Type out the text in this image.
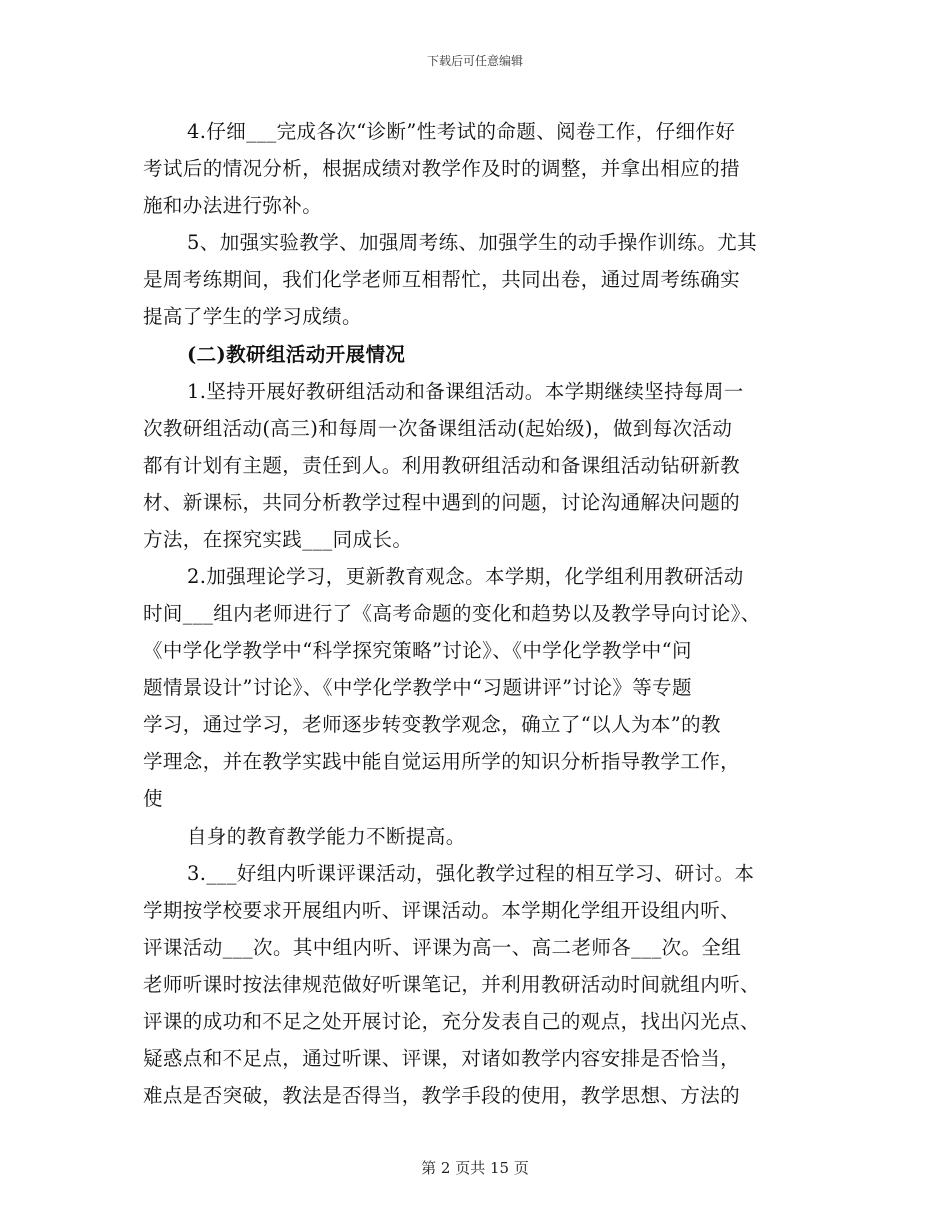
下载后可任意编辑
4.仔细___完成各次“诊断”性考试的命题、阅卷工作，仔细作好
考试后的情况分析，根据成绩对教学作及时的调整，并拿出相应的措
施和办法进行弥补。
5、加强实验教学、加强周考练、加强学生的动手操作训练。尤其
是周考练期间，我们化学老师互相帮忙，共同出卷，通过周考练确实
提高了学生的学习成绩。
(二)教研组活动开展情况
1.坚持开展好教研组活动和备课组活动。本学期继续坚持每周一
次教研组活动(高三)和每周一次备课组活动(起始级)，做到每次活动
都有计划有主题，责任到人。利用教研组活动和备课组活动钻研新教
材、新课标，共同分析教学过程中遇到的问题，讨论沟通解决问题的
方法，在探究实践___同成长。
2.加强理论学习，更新教育观念。本学期，化学组利用教研活动
时间___组内老师进行了《高考命题的变化和趋势以及教学导向讨论》、
《中学化学教学中“科学探究策略”讨论》、《中学化学教学中“问
题情景设计”讨论》、《中学化学教学中“习题讲评”讨论》等专题
学习，通过学习，老师逐步转变教学观念，确立了“以人为本”的教
学理念，并在教学实践中能自觉运用所学的知识分析指导教学工作，
使
自身的教育教学能力不断提高。
3.___好组内听课评课活动，强化教学过程的相互学习、研讨。本
学期按学校要求开展组内听、评课活动。本学期化学组开设组内听、
评课活动___次。其中组内听、评课为高一、高二老师各___次。全组
老师听课时按法律规范做好听课笔记，并利用教研活动时间就组内听、
评课的成功和不足之处开展讨论，充分发表自己的观点，找出闪光点、
疑惑点和不足点，通过听课、评课，对诸如教学内容安排是否恰当，
难点是否突破，教法是否得当，教学手段的使用，教学思想、方法的
第 2 页共 15 页
